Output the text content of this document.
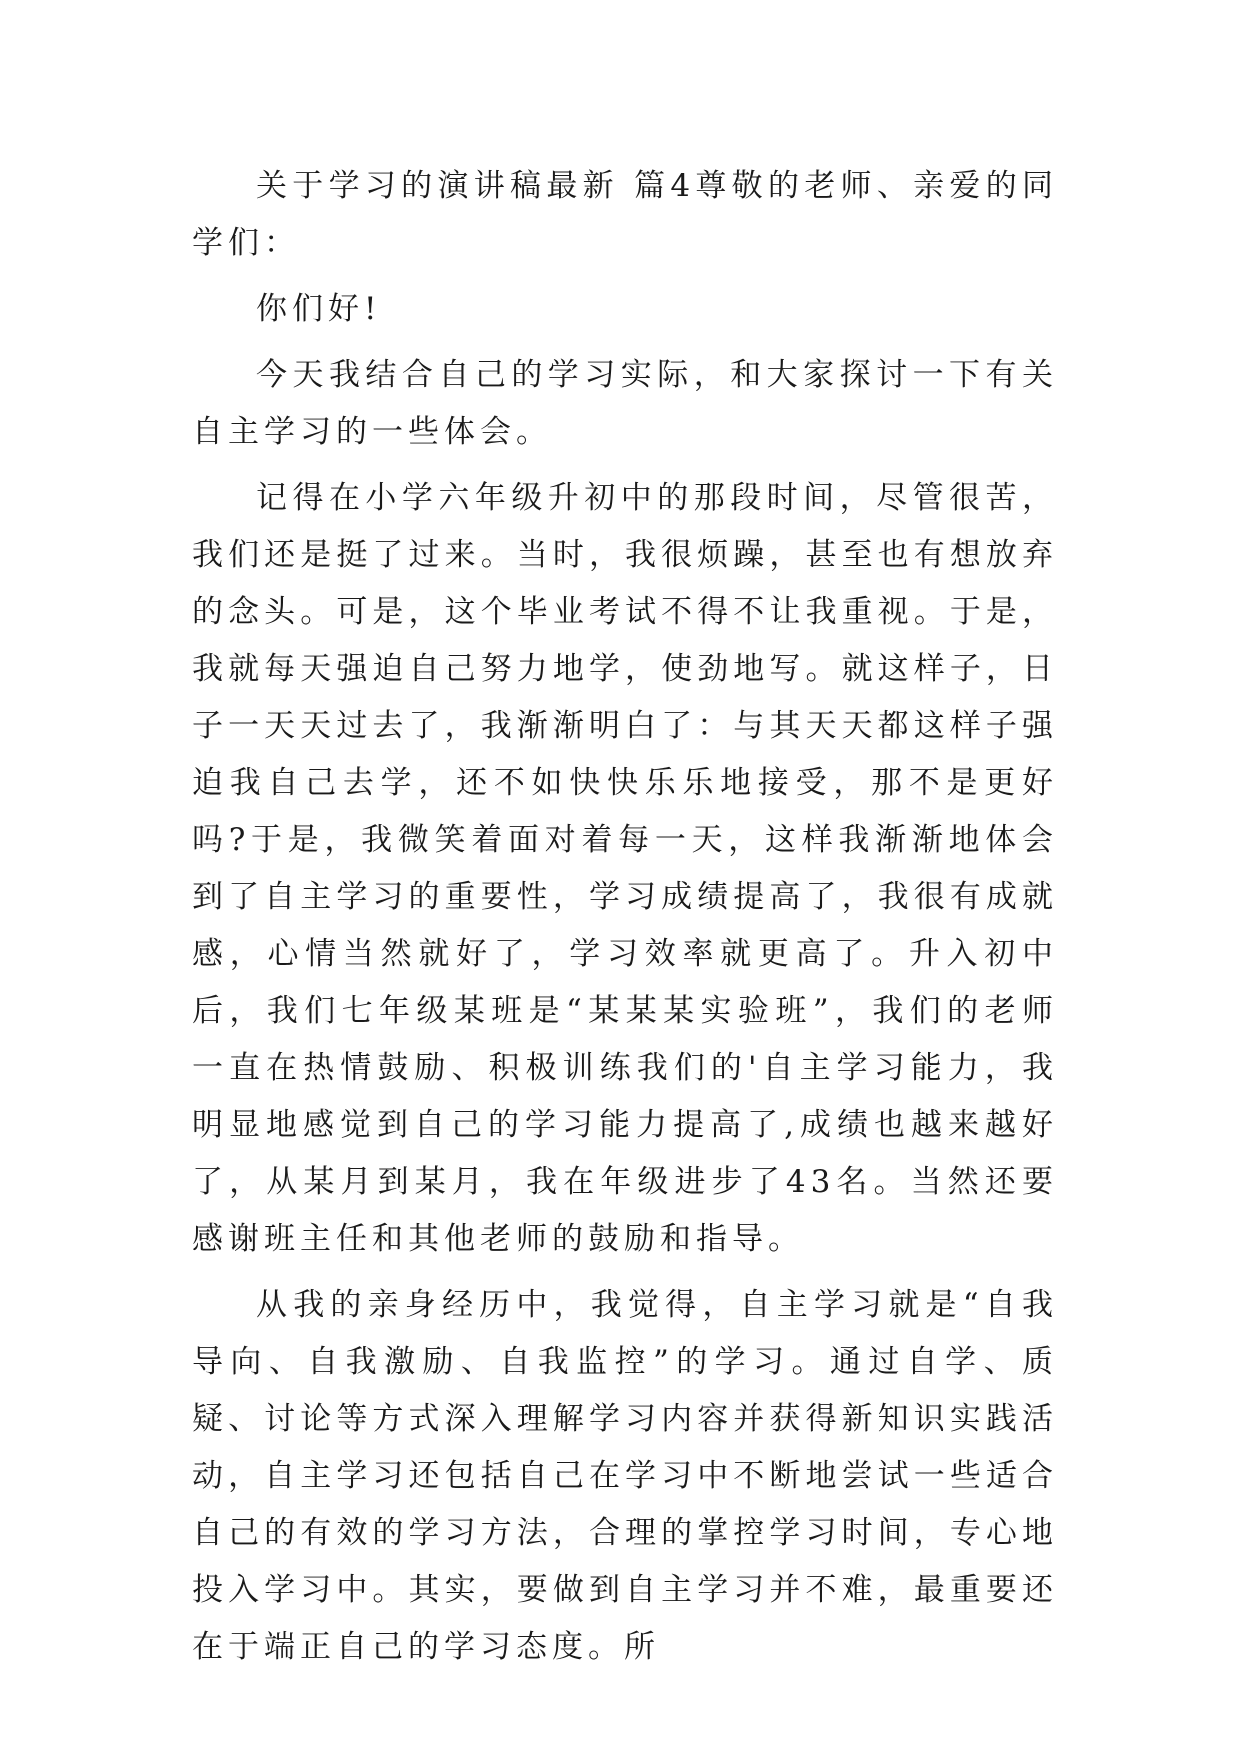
关于学习的演讲稿最新 篇4尊敬的老师、亲爱的同学们：

你们好!

今天我结合自己的学习实际，和大家探讨一下有关自主学习的一些体会。

记得在小学六年级升初中的那段时间，尽管很苦，我们还是挺了过来。当时，我很烦躁，甚至也有想放弃的念头。可是，这个毕业考试不得不让我重视。于是，我就每天强迫自己努力地学，使劲地写。就这样子，日子一天天过去了，我渐渐明白了：与其天天都这样子强迫我自己去学，还不如快快乐乐地接受，那不是更好吗?于是，我微笑着面对着每一天，这样我渐渐地体会到了自主学习的重要性，学习成绩提高了，我很有成就感，心情当然就好了，学习效率就更高了。升入初中后，我们七年级某班是“某某某实验班”，我们的老师一直在热情鼓励、积极训练我们的'自主学习能力，我明显地感觉到自己的学习能力提高了,成绩也越来越好了，从某月到某月，我在年级进步了43名。当然还要感谢班主任和其他老师的鼓励和指导。

从我的亲身经历中，我觉得，自主学习就是“自我导向、自我激励、自我监控”的学习。通过自学、质疑、讨论等方式深入理解学习内容并获得新知识实践活动，自主学习还包括自己在学习中不断地尝试一些适合自己的有效的学习方法，合理的掌控学习时间，专心地投入学习中。其实，要做到自主学习并不难，最重要还在于端正自己的学习态度。所
